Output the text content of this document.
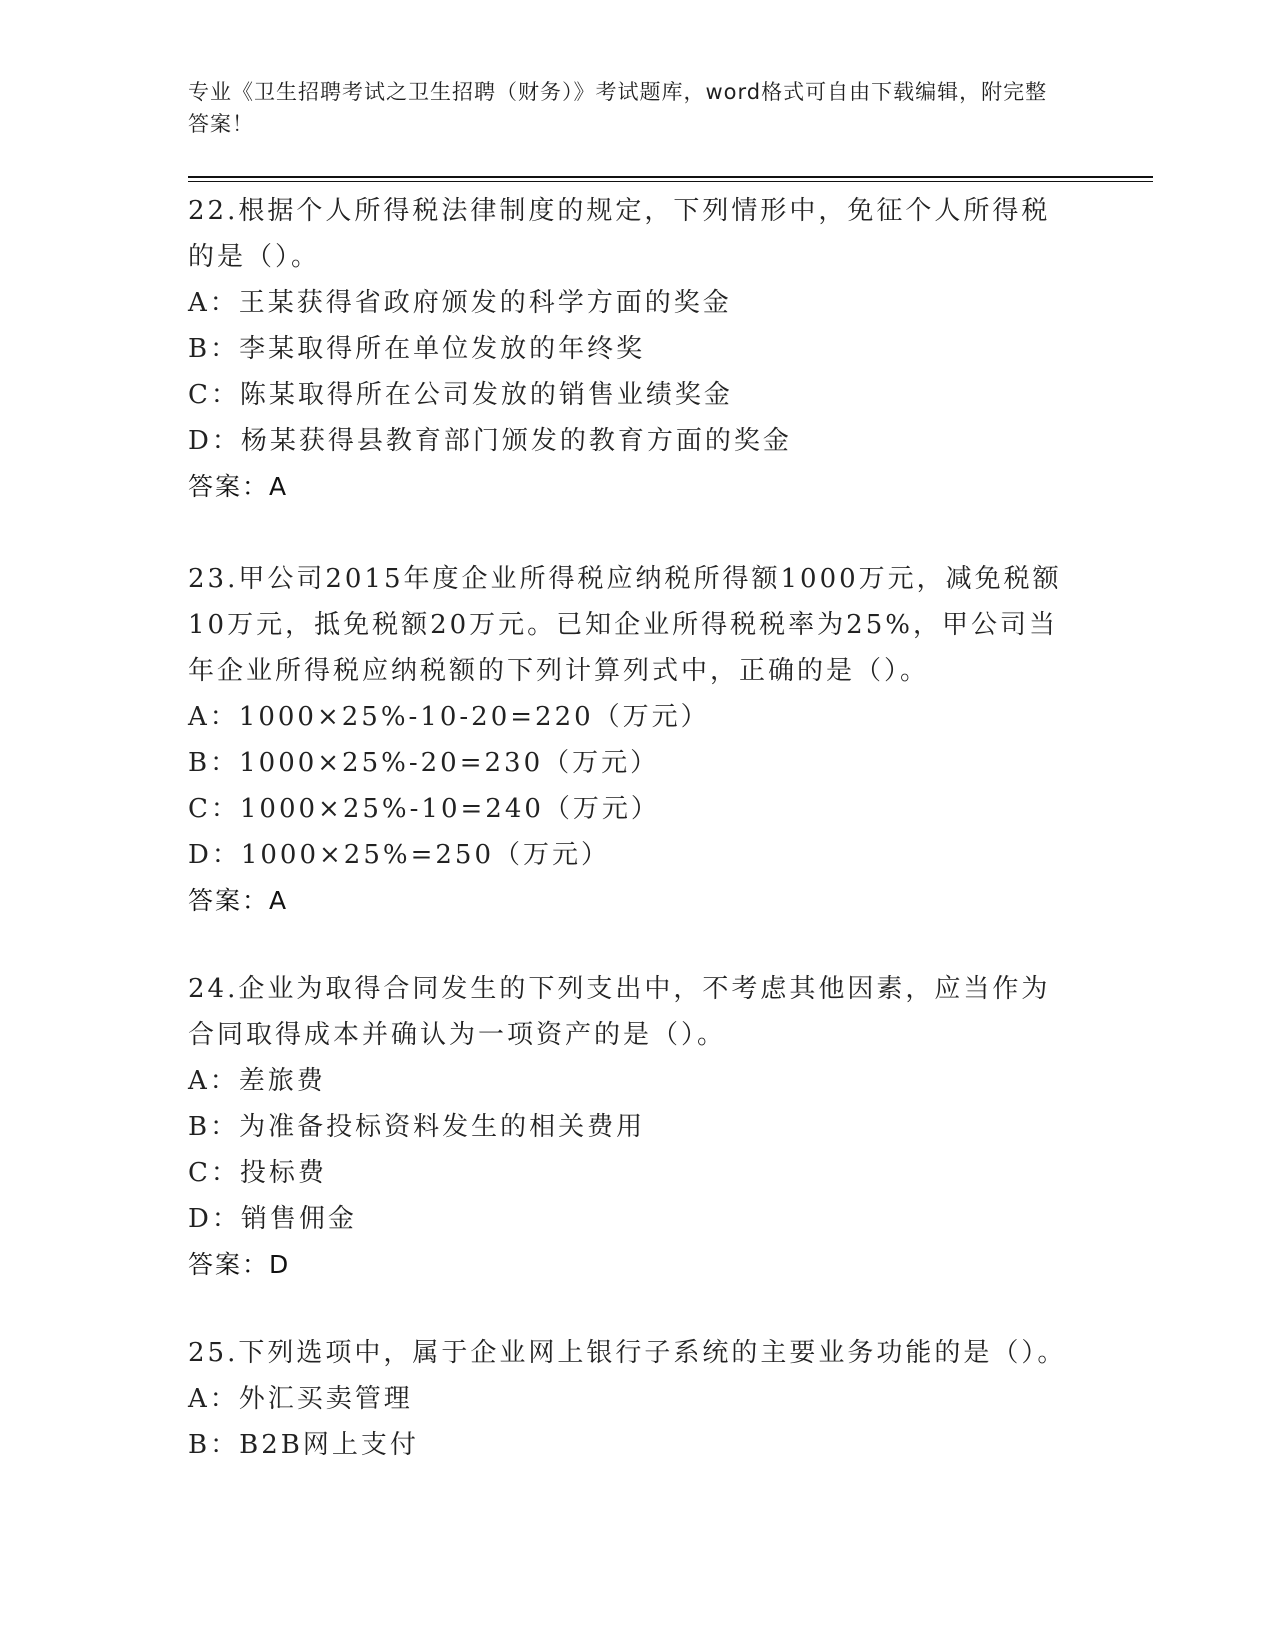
专业《卫生招聘考试之卫生招聘（财务）》考试题库，word格式可自由下载编辑，附完整答案！
22.根据个人所得税法律制度的规定，下列情形中，免征个人所得税的是（）。
A：王某获得省政府颁发的科学方面的奖金
B：李某取得所在单位发放的年终奖
C：陈某取得所在公司发放的销售业绩奖金
D：杨某获得县教育部门颁发的教育方面的奖金
答案：A
23.甲公司2015年度企业所得税应纳税所得额1000万元，减免税额10万元，抵免税额20万元。已知企业所得税税率为25%，甲公司当年企业所得税应纳税额的下列计算列式中，正确的是（）。
A：1000×25%-10-20=220（万元）
B：1000×25%-20=230（万元）
C：1000×25%-10=240（万元）
D：1000×25%=250（万元）
答案：A
24.企业为取得合同发生的下列支出中，不考虑其他因素，应当作为合同取得成本并确认为一项资产的是（）。
A：差旅费
B：为准备投标资料发生的相关费用
C：投标费
D：销售佣金
答案：D
25.下列选项中，属于企业网上银行子系统的主要业务功能的是（）。
A：外汇买卖管理
B：B2B网上支付
